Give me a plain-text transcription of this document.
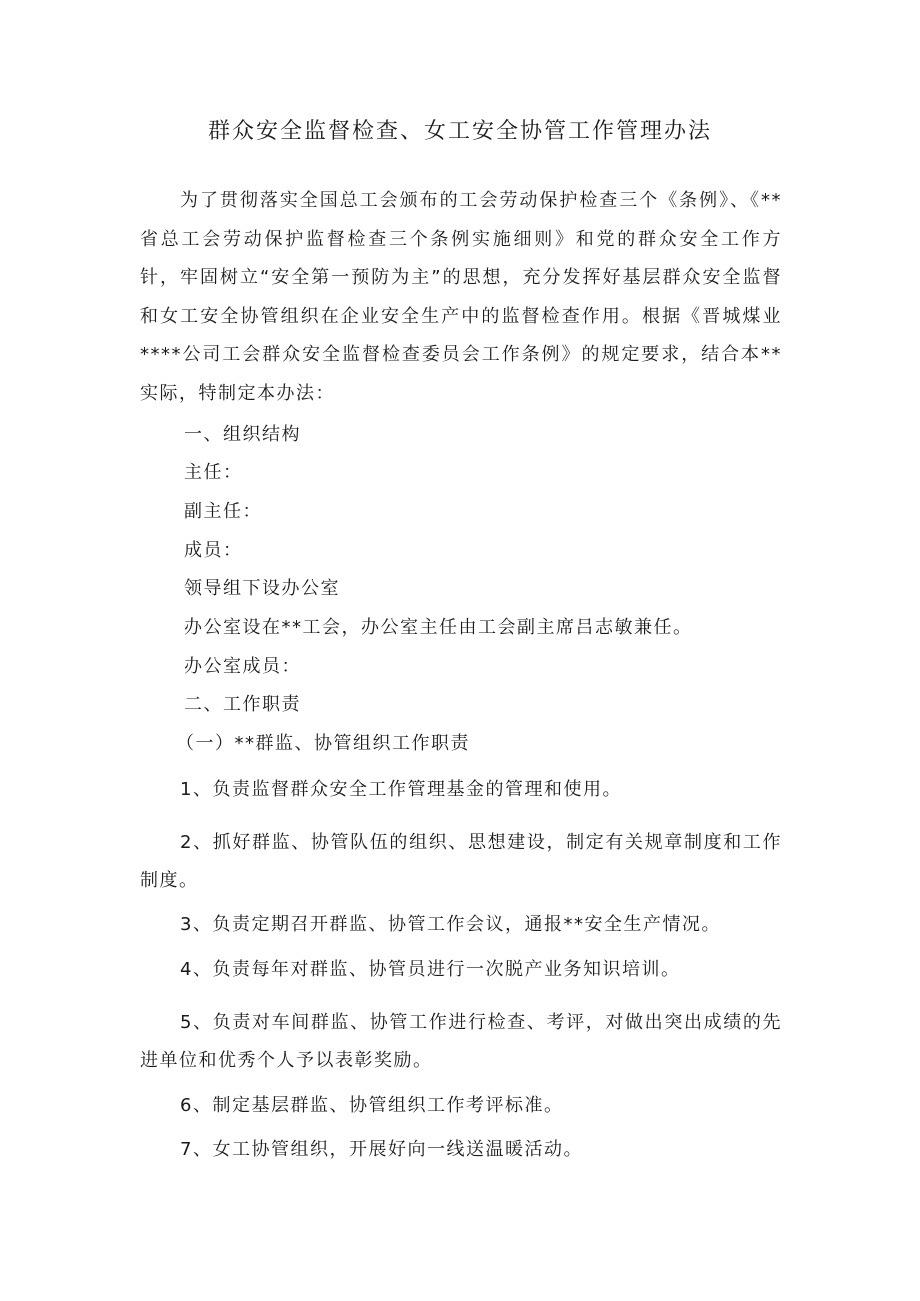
群众安全监督检查、女工安全协管工作管理办法

为了贯彻落实全国总工会颁布的工会劳动保护检查三个《条例》、《**省总工会劳动保护监督检查三个条例实施细则》和党的群众安全工作方针，牢固树立“安全第一预防为主”的思想，充分发挥好基层群众安全监督和女工安全协管组织在企业安全生产中的监督检查作用。根据《晋城煤业****公司工会群众安全监督检查委员会工作条例》的规定要求，结合本**实际，特制定本办法：

一、组织结构
主任：
副主任：
成员：
领导组下设办公室
办公室设在**工会，办公室主任由工会副主席吕志敏兼任。
办公室成员：
二、工作职责
（一）**群监、协管组织工作职责

1、负责监督群众安全工作管理基金的管理和使用。

2、抓好群监、协管队伍的组织、思想建设，制定有关规章制度和工作制度。

3、负责定期召开群监、协管工作会议，通报**安全生产情况。

4、负责每年对群监、协管员进行一次脱产业务知识培训。

5、负责对车间群监、协管工作进行检查、考评，对做出突出成绩的先进单位和优秀个人予以表彰奖励。

6、制定基层群监、协管组织工作考评标准。

7、女工协管组织，开展好向一线送温暖活动。
